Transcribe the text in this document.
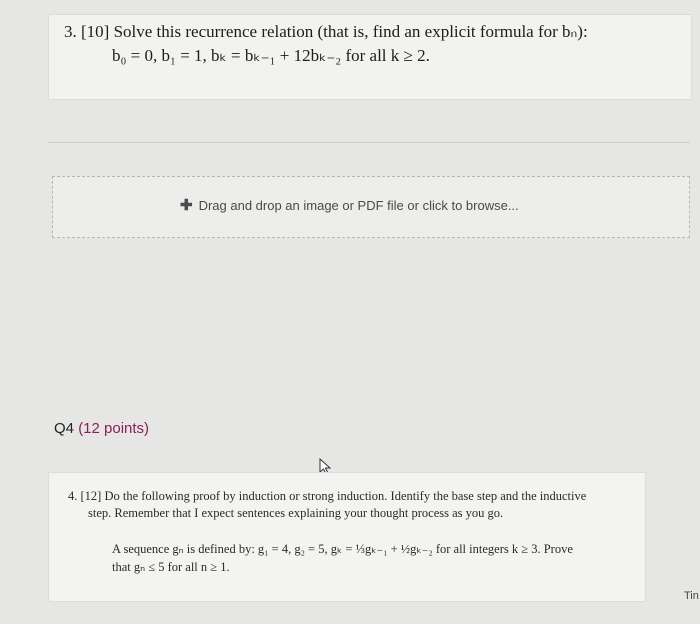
3. [10] Solve this recurrence relation (that is, find an explicit formula for bₙ):
b₀ = 0, b₁ = 1, bₖ = bₖ₋₁ + 12bₖ₋₂ for all k ≥ 2.
✚ Drag and drop an image or PDF file or click to browse...
Q4 (12 points)
4. [12] Do the following proof by induction or strong induction. Identify the base step and the inductive
step. Remember that I expect sentences explaining your thought process as you go.
A sequence gₙ is defined by: g₁ = 4, g₂ = 5, gₖ = ⅓gₖ₋₁ + ½gₖ₋₂ for all integers k ≥ 3. Prove
that gₙ ≤ 5 for all n ≥ 1.
Tin
